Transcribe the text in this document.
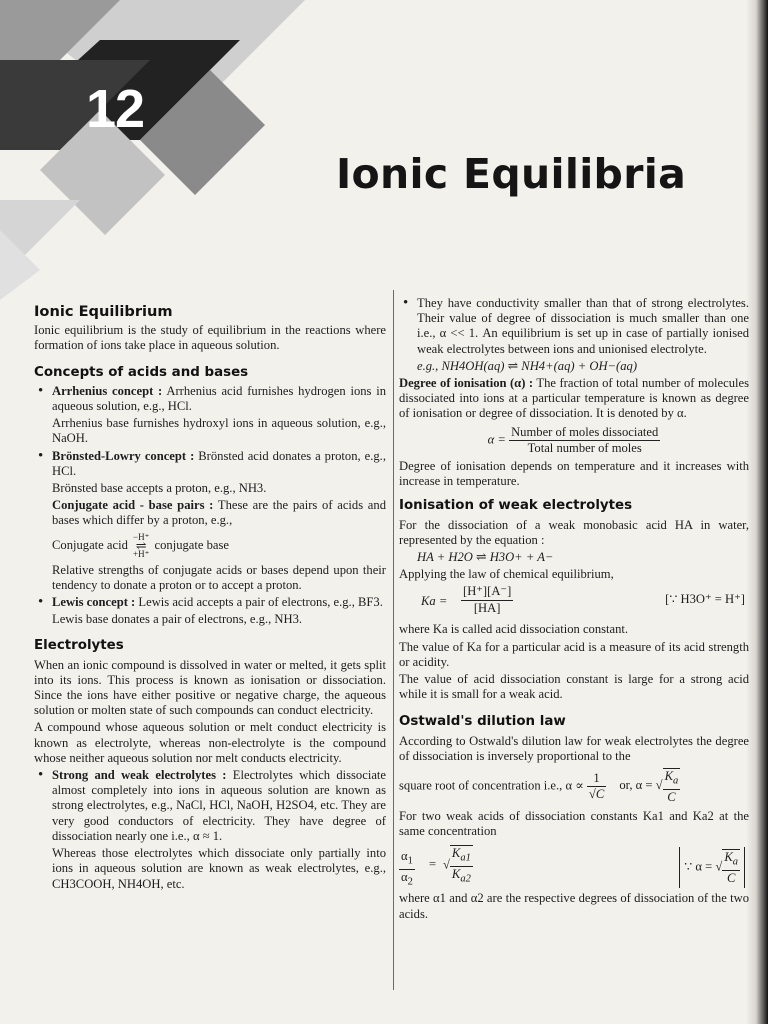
12
Ionic Equilibria
Ionic Equilibrium

Ionic equilibrium is the study of equilibrium in the reactions where formation of ions take place in aqueous solution.

Concepts of acids and bases

• Arrhenius concept : Arrhenius acid furnishes hydrogen ions in aqueous solution, e.g., HCl.

Arrhenius base furnishes hydroxyl ions in aqueous solution, e.g., NaOH.

• Brönsted-Lowry concept : Brönsted acid donates a proton, e.g., HCl.

Brönsted base accepts a proton, e.g., NH3.

Conjugate acid - base pairs : These are the pairs of acids and bases which differ by a proton, e.g.,

Conjugate acid
−H⁺
⇌
+H⁺
conjugate base

Relative strengths of conjugate acids or bases depend upon their tendency to donate a proton or to accept a proton.

• Lewis concept : Lewis acid accepts a pair of electrons, e.g., BF3.

Lewis base donates a pair of electrons, e.g., NH3.

Electrolytes

When an ionic compound is dissolved in water or melted, it gets split into its ions. This process is known as ionisation or dissociation. Since the ions have either positive or negative charge, the aqueous solution or molten state of such compounds can conduct electricity.

A compound whose aqueous solution or melt conduct electricity is known as electrolyte, whereas non-electrolyte is the compound whose neither aqueous solution nor melt conducts electricity.

• Strong and weak electrolytes : Electrolytes which dissociate almost completely into ions in aqueous solution are known as strong electrolytes, e.g., NaCl, HCl, NaOH, H2SO4, etc. They are very good conductors of electricity. They have degree of dissociation nearly one i.e., α ≈ 1.

Whereas those electrolytes which dissociate only partially into ions in aqueous solution are known as weak electrolytes, e.g., CH3COOH, NH4OH, etc.

• They have conductivity smaller than that of strong electrolytes. Their value of degree of dissociation is much smaller than one i.e., α << 1. An equilibrium is set up in case of partially ionised weak electrolytes between ions and unionised electrolyte.

e.g., NH4OH(aq) ⇌ NH4+(aq) + OH−(aq)

Degree of ionisation (α) : The fraction of total number of molecules dissociated into ions at a particular temperature is known as degree of ionisation or degree of dissociation. It is denoted by α.

$\alpha = \frac{\text{Number of moles dissociated}}{\text{Total number of moles}}$

Degree of ionisation depends on temperature and it increases with increase in temperature.

Ionisation of weak electrolytes

For the dissociation of a weak monobasic acid HA in water, represented by the equation :

HA + H2O ⇌ H3O+ + A−

Applying the law of chemical equilibrium,

$Ka = \frac{[H^+][A^-]}{[HA]}$	[∵ H3O⁺ = H⁺]

where Ka is called acid dissociation constant.

The value of Ka for a particular acid is a measure of its acid strength or acidity.

The value of acid dissociation constant is large for a strong acid while it is small for a weak acid.

Ostwald's dilution law

According to Ostwald's dilution law for weak electrolytes the degree of dissociation is inversely proportional to the

square root of concentration i.e., $\alpha \propto \frac{1}{√C}$ or, α = √ $\frac{K_a}{C}$

For two weak acids of dissociation constants Ka1 and Ka2 at the same concentration

$\frac{\alpha_1}{\alpha_2}$ = √ $\frac{K_{a1}}{K_{a2}}$	∵ α = √ $\frac{K_a}{C}$

where α1 and α2 are the respective degrees of dissociation of the two acids.
